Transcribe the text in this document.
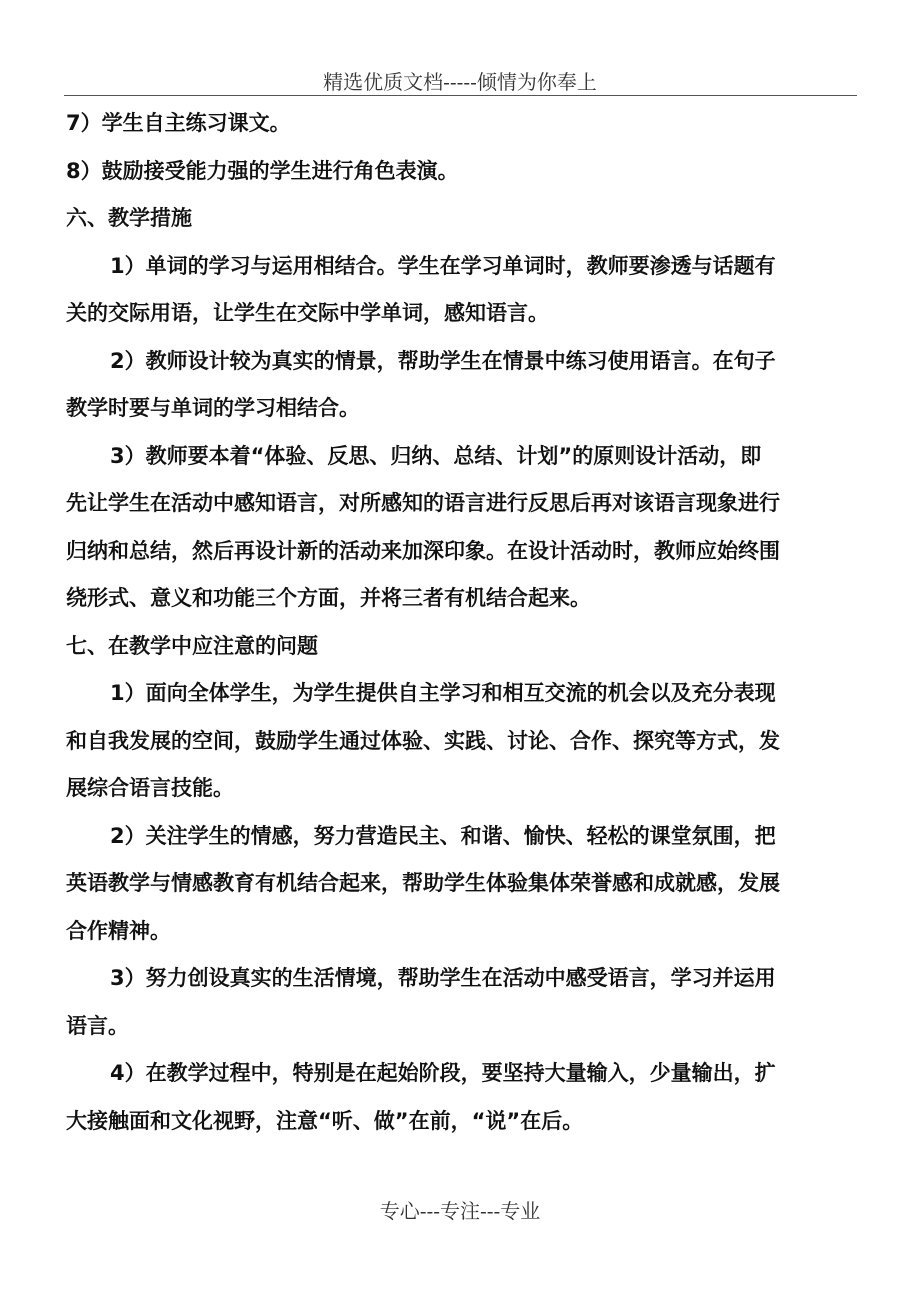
精选优质文档-----倾情为你奉上
7）学生自主练习课文。
8）鼓励接受能力强的学生进行角色表演。
六、教学措施
1）单词的学习与运用相结合。学生在学习单词时，教师要渗透与话题有
关的交际用语，让学生在交际中学单词，感知语言。
2）教师设计较为真实的情景，帮助学生在情景中练习使用语言。在句子
教学时要与单词的学习相结合。
3）教师要本着“体验、反思、归纳、总结、计划”的原则设计活动，即
先让学生在活动中感知语言，对所感知的语言进行反思后再对该语言现象进行
归纳和总结，然后再设计新的活动来加深印象。在设计活动时，教师应始终围
绕形式、意义和功能三个方面，并将三者有机结合起来。
七、在教学中应注意的问题
1）面向全体学生，为学生提供自主学习和相互交流的机会以及充分表现
和自我发展的空间，鼓励学生通过体验、实践、讨论、合作、探究等方式，发
展综合语言技能。
2）关注学生的情感，努力营造民主、和谐、愉快、轻松的课堂氛围，把
英语教学与情感教育有机结合起来，帮助学生体验集体荣誉感和成就感，发展
合作精神。
3）努力创设真实的生活情境，帮助学生在活动中感受语言，学习并运用
语言。
4）在教学过程中，特别是在起始阶段，要坚持大量输入，少量输出，扩
大接触面和文化视野，注意“听、做”在前，“说”在后。
专心---专注---专业
